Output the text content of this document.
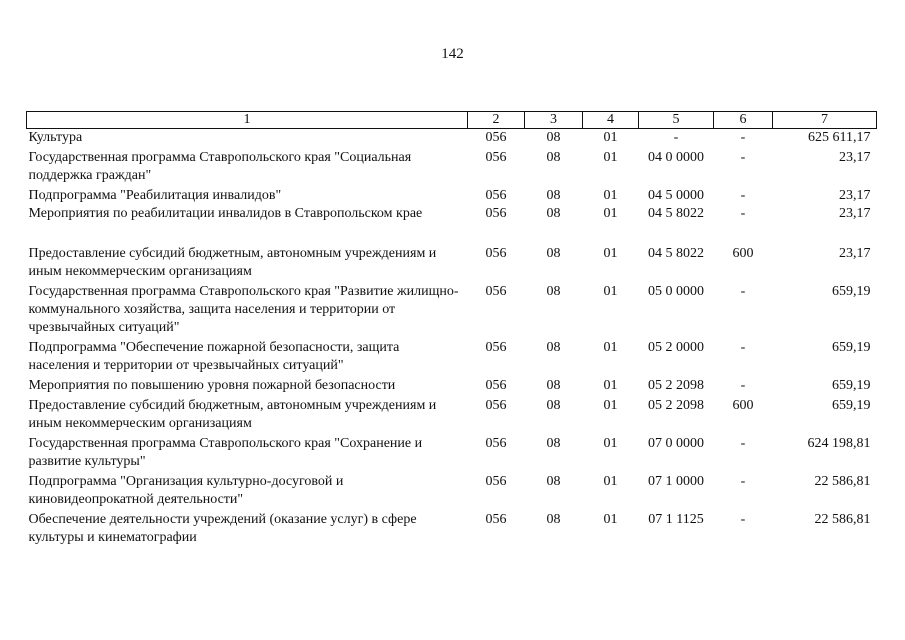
142
1	2	3	4	5	6	7
Культура	056	08	01	-	-	625 611,17
Государственная программа Ставропольского края "Социальная поддержка граждан"	056	08	01	04 0 0000	-	23,17
Подпрограмма "Реабилитация инвалидов"	056	08	01	04 5 0000	-	23,17
Мероприятия по реабилитации инвалидов в Ставропольском крае	056	08	01	04 5 8022	-	23,17
Предоставление субсидий бюджетным, автономным учреждениям и иным некоммерческим организациям	056	08	01	04 5 8022	600	23,17
Государственная программа Ставропольского края "Развитие жилищно-коммунального хозяйства, защита населения и территории от чрезвычайных ситуаций"	056	08	01	05 0 0000	-	659,19
Подпрограмма "Обеспечение пожарной безопасности, защита населения и территории от чрезвычайных ситуаций"	056	08	01	05 2 0000	-	659,19
Мероприятия по повышению уровня пожарной безопасности	056	08	01	05 2 2098	-	659,19
Предоставление субсидий бюджетным, автономным учреждениям и иным некоммерческим организациям	056	08	01	05 2 2098	600	659,19
Государственная программа Ставропольского края "Сохранение и развитие культуры"	056	08	01	07 0 0000	-	624 198,81
Подпрограмма "Организация культурно-досуговой и киновидеопрокатной деятельности"	056	08	01	07 1 0000	-	22 586,81
Обеспечение деятельности учреждений (оказание услуг) в сфере культуры и кинематографии	056	08	01	07 1 1125	-	22 586,81
